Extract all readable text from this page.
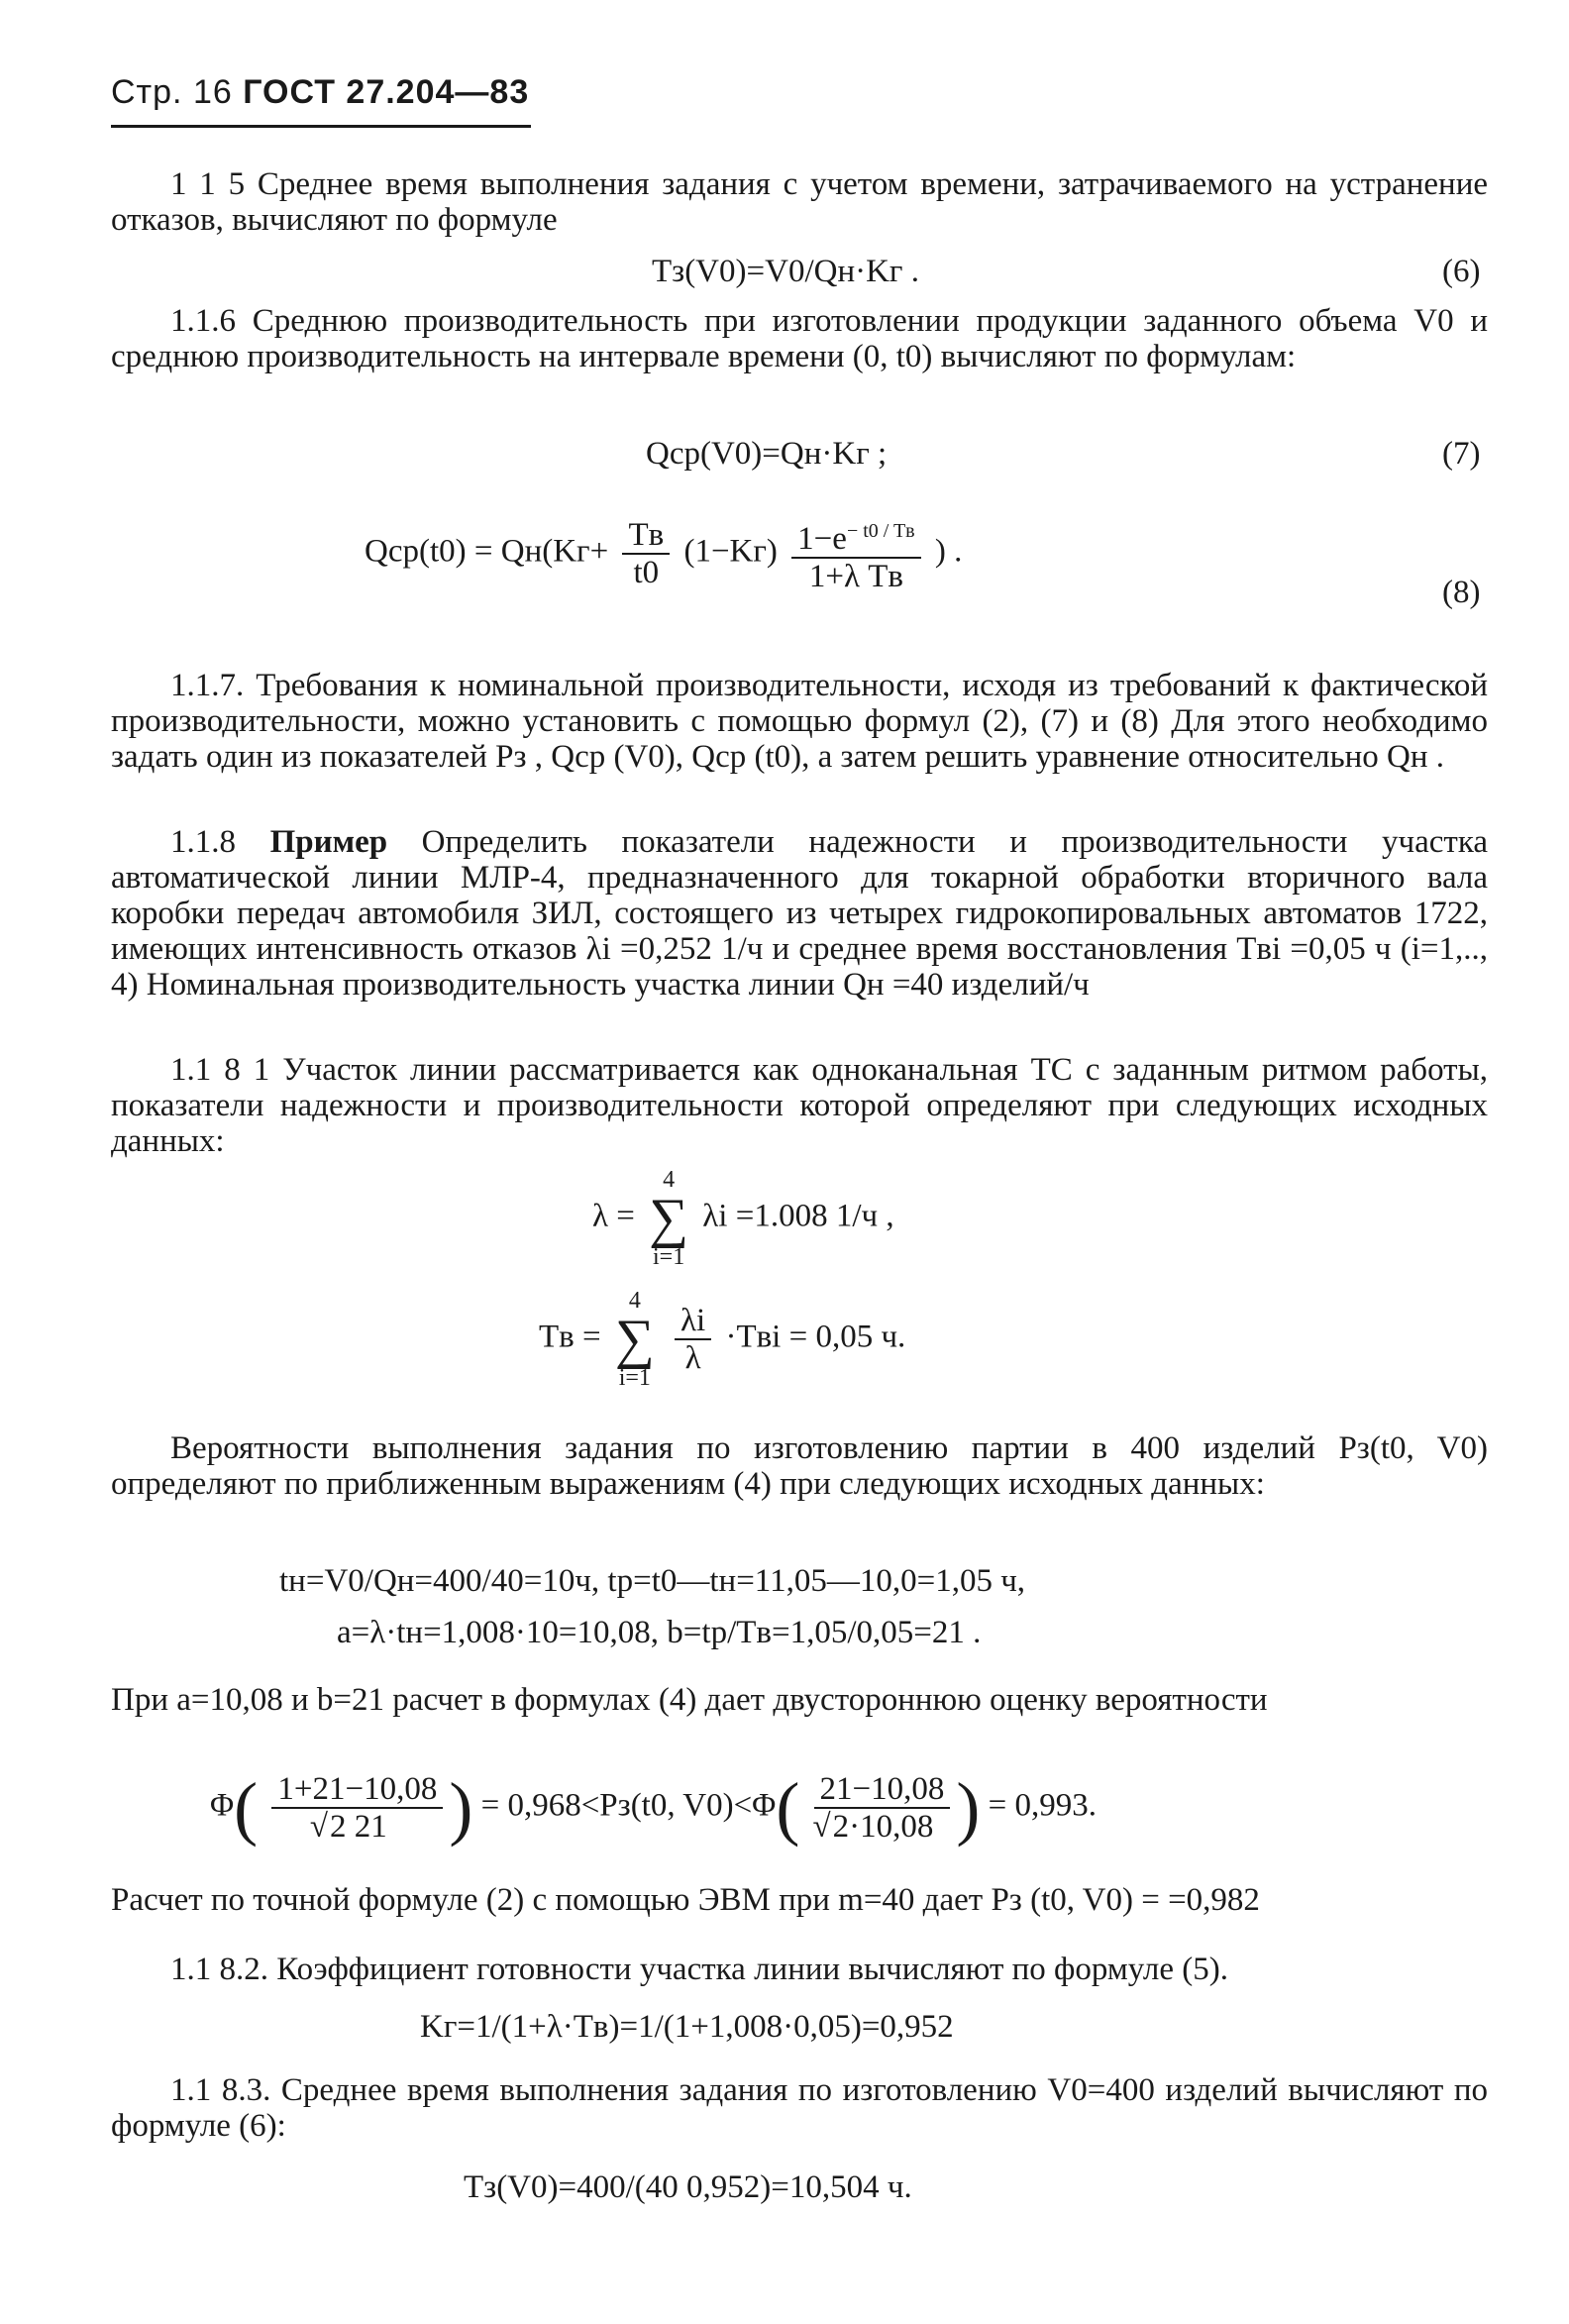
Стр. 16 ГОСТ 27.204—83
1 1 5 Среднее время выполнения задания с учетом времени, затрачиваемого на устранение отказов, вычисляют по формуле
Tз(V0)=V0/Qн·Kг .	(6)
1.1.6 Среднюю производительность при изготовлении продукции заданного объема V0 и среднюю производительность на интервале времени (0, t0) вычисляют по формулам:
Qср(V0)=Qн·Kг ;	(7)
$Qср(t0) = Qн(Kг+ \frac{Tв}{t0} (1-Kг) \frac{1-e^{- t0 / Tв}}{\text{1+λ Tв}}$ ) .
(8)
1.1.7. Требования к номинальной производительности, исходя из требований к фактической производительности, можно установить с помощью формул (2), (7) и (8) Для этого необходимо задать один из показателей Pз , Qср (V0), Qср (t0), а затем решить уравнение относительно Qн .
1.1.8 Пример Определить показатели надежности и производительности участка автоматической линии МЛР-4, предназначенного для токарной обработки вторичного вала коробки передач автомобиля ЗИЛ, состоящего из четырех гидрокопировальных автоматов 1722, имеющих интенсивность отказов λi =0,252 1/ч и среднее время восстановления Tвi =0,05 ч (i=1,.., 4) Номинальная производительность участка линии Qн =40 изделий/ч
1.1 8 1 Участок линии рассматривается как одноканальная ТС с заданным ритмом работы, показатели надежности и производительности которой определяют при следующих исходных данных:
λ =
4
∑
i=1
λi =1.008 1/ч ,
Tв =
4
∑
i=1

$\frac{\lambda i}{\lambda} \cdot Tвi = 0,05$ ч.
Вероятности выполнения задания по изготовлению партии в 400 изделий Pз(t0, V0) определяют по приближенным выражениям (4) при следующих исходных данных:
tн=V0/Qн=400/40=10ч, tр=t0—tн=11,05—10,0=1,05 ч,
a=λ·tн=1,008·10=10,08, b=tр/Tв=1,05/0,05=21 .
При a=10,08 и b=21 расчет в формулах (4) дает двустороннюю оценку вероятности
Φ( 1+21−10,08
√ 2 21 ) = 0,968<Pз(t0, V0)<Φ( 21−10,08
√ 2·10,08 ) = 0,993.
Расчет по точной формуле (2) с помощью ЭВМ при m=40 дает Pз (t0, V0) = =0,982
1.1 8.2. Коэффициент готовности участка линии вычисляют по формуле (5).
Kг=1/(1+λ·Tв)=1/(1+1,008·0,05)=0,952
1.1 8.3. Среднее время выполнения задания по изготовлению V0=400 изделий вычисляют по формуле (6):
Tз(V0)=400/(40 0,952)=10,504 ч.
